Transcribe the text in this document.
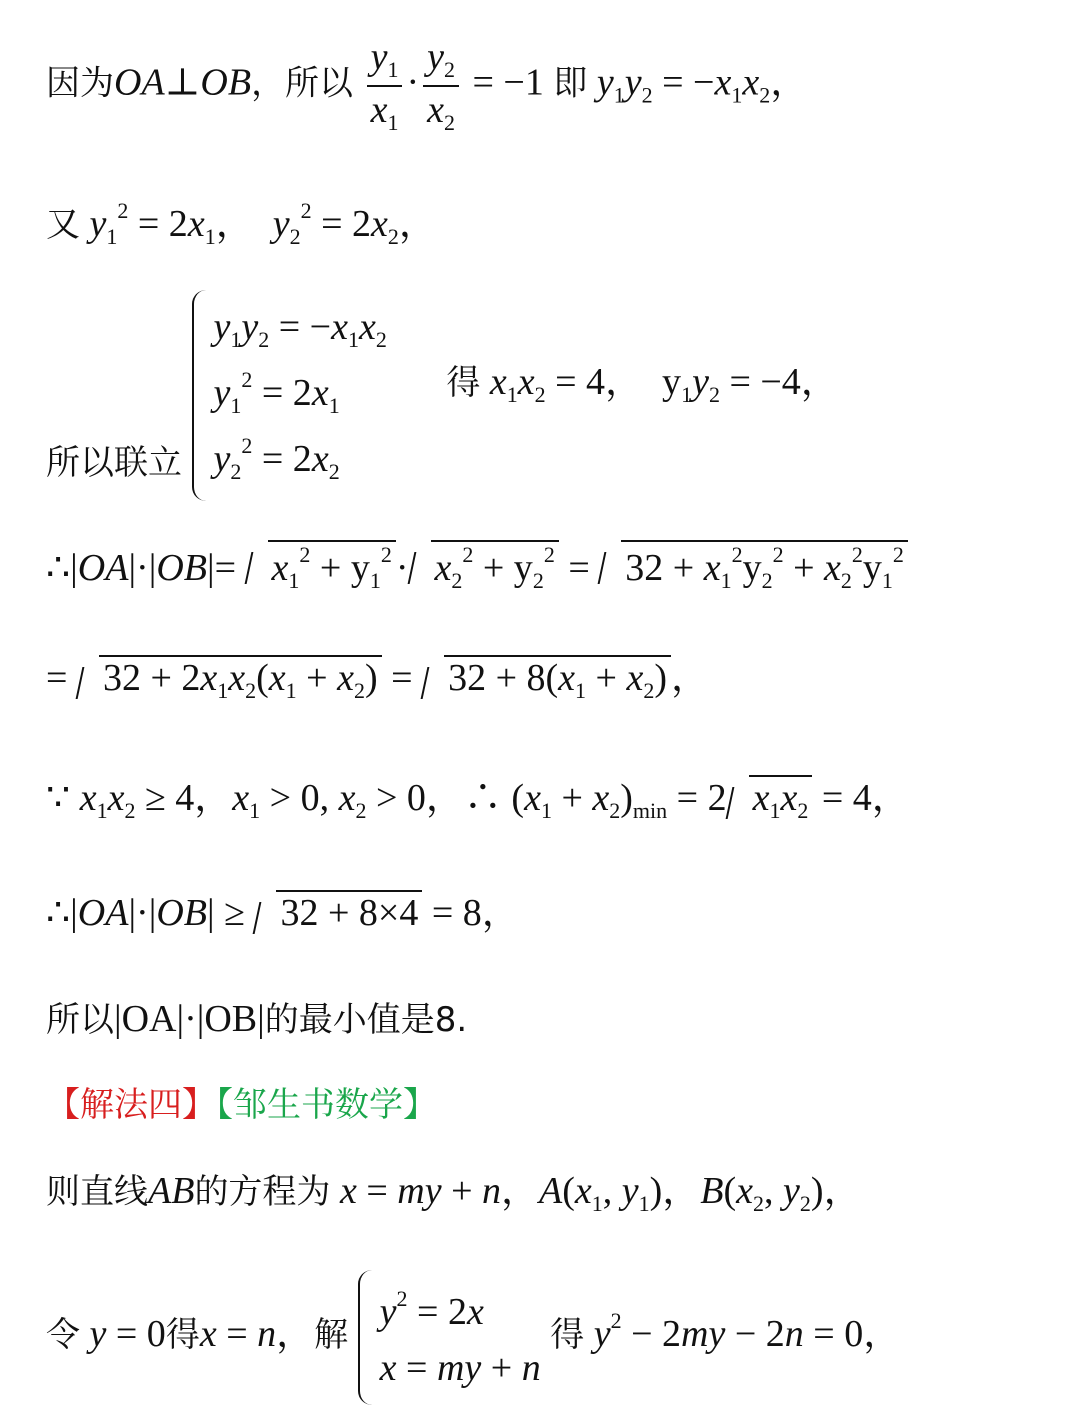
因为OA⊥OB，所以 $\frac{y_1}{x_1} \cdot \frac{y_2}{x_2} = -1$ 即 $y_1y_2 = -x_1x_2$，
又 $y_1^2 = 2x_1$，  $y_2^2 = 2x_2$，
所以联立
$y_1y_2 = -x_1x_2$
$y_1^2 = 2x_1$
$y_2^2 = 2x_2$
得 $x_1x_2 = 4$，  $y_1y_2 = -4$，
∴|OA|·|OB|= $x_1^2 + y_1^2 \cdot x_2^2 + y_2^2 = 32 + x_1^2y_2^2 + x_2^2y_1^2$
= $32 + 2x_1x_2(x_1 + x_2) = 32 + 8(x_1 + x_2)$ ，
∵ $x_1x_2 \ge 4$，$x_1 > 0$, $x_2 > 0$，∴ $(x_1 + x_2)_{min} = 2$ $x_1x_2 = 4$，
∴|OA|·|OB| ≥ 32 + 8×4 = 8，
所以|OA|·|OB|的最小值是8.
【解法四】【邹生书数学】
则直线AB的方程为 x = my + n，$A(x_1$, $y_1$)，$B(x_2$, $y_2$)，
令 y = 0得x = n，解
$y^2 = 2x$
x = my + n
得 $y^2 - 2my - 2n = 0$，
